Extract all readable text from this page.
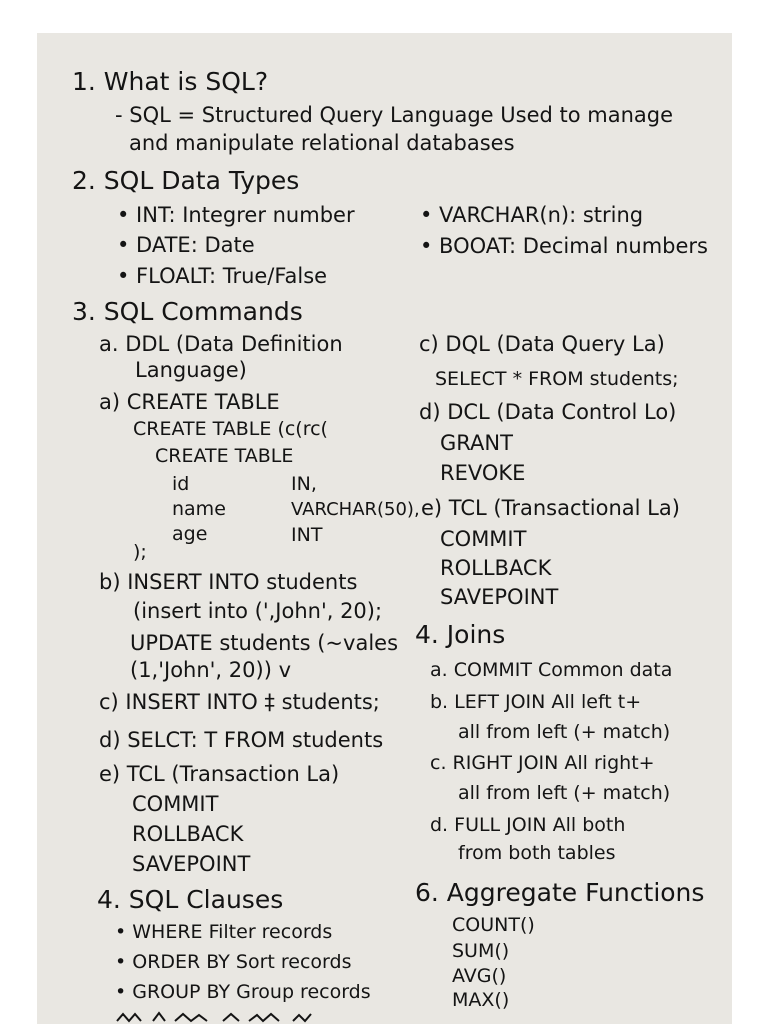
1. What is SQL?
- SQL = Structured Query Language Used to manage
and manipulate relational databases
2. SQL Data Types
• INT: Integrer number	• VARCHAR(n): string
• DATE: Date	• BOOAT: Decimal numbers
• FLOALT: True/False
3. SQL Commands
a. DDL (Data Definition
Language)
a) CREATE TABLE
CREATE TABLE (c(rc(
CREATE TABLE
id	IN,
name	VARCHAR(50),
age	INT
);
b) INSERT INTO students
(insert into (',John', 20);
UPDATE students (~vales
(1,'John', 20)) v
c) INSERT INTO ‡ students;
d) SELCT: T FROM students
e) TCL (Transaction La)
COMMIT
ROLLBACK
SAVEPOINT
c) DQL (Data Query La)
SELECT * FROM students;
d) DCL (Data Control Lo)
GRANT
REVOKE
e) TCL (Transactional La)
COMMIT
ROLLBACK
SAVEPOINT
4. Joins
a. COMMIT Common data
b. LEFT JOIN All left t+
all from left (+ match)
c. RIGHT JOIN All right+
all from left (+ match)
d. FULL JOIN All both
from both tables
4. SQL Clauses
• WHERE Filter records
• ORDER BY Sort records
• GROUP BY Group records
6. Aggregate Functions
COUNT()
SUM()
AVG()
MAX()
